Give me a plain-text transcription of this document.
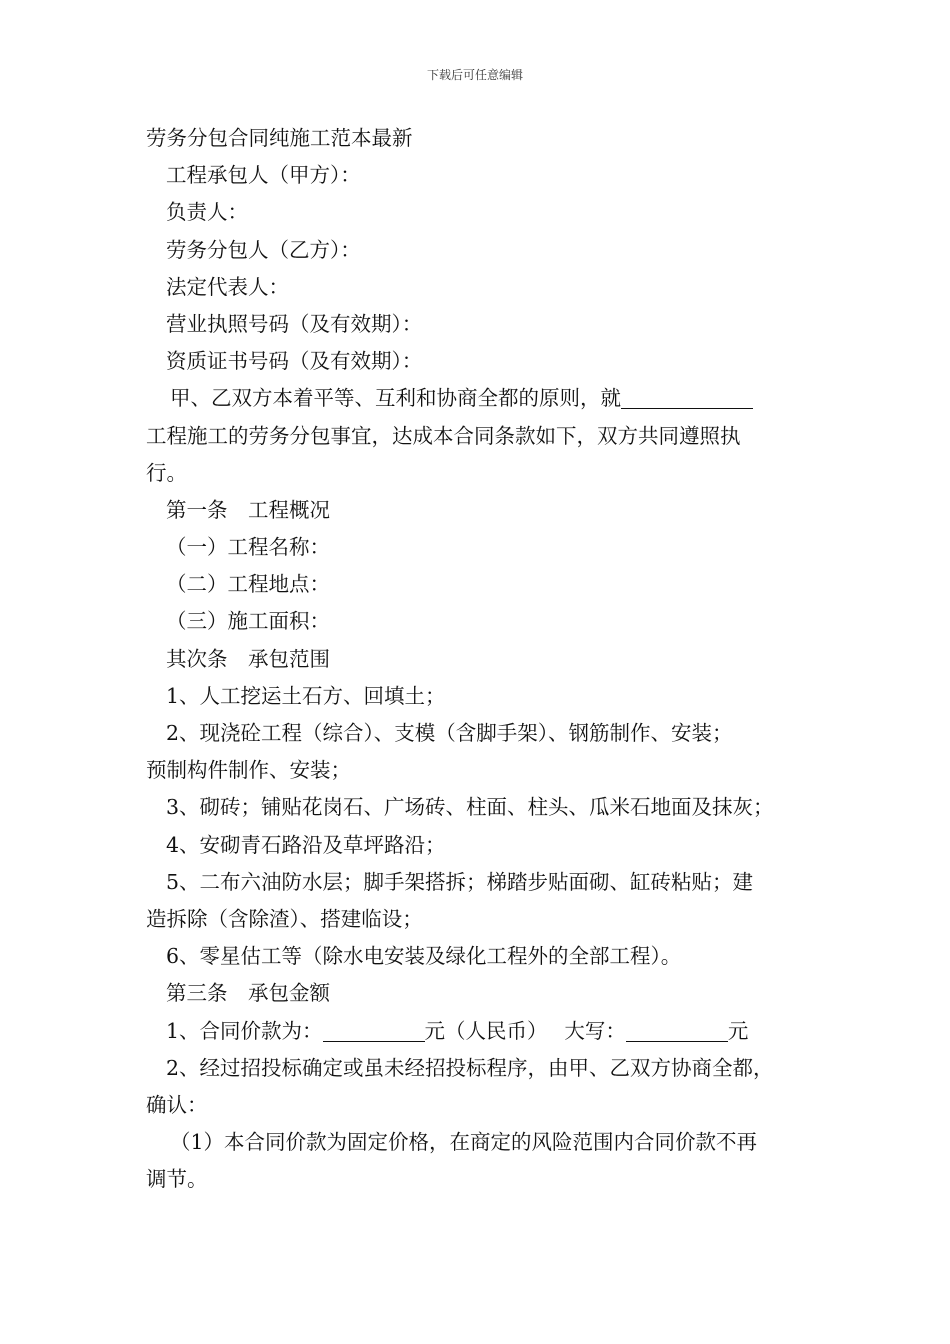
下载后可任意编辑
劳务分包合同纯施工范本最新
工程承包人（甲方）：
负责人：
劳务分包人（乙方）：
法定代表人：
营业执照号码（及有效期）：
资质证书号码（及有效期）：
甲、乙双方本着平等、互利和协商全都的原则，就
工程施工的劳务分包事宜，达成本合同条款如下，双方共同遵照执
行。
第一条　工程概况
（一）工程名称：
（二）工程地点：
（三）施工面积：
其次条　承包范围
1、人工挖运土石方、回填土；
2、现浇砼工程（综合）、支模（含脚手架）、钢筋制作、安装；
预制构件制作、安装；
3、砌砖；铺贴花岗石、广场砖、柱面、柱头、瓜米石地面及抹灰；
4、安砌青石路沿及草坪路沿；
5、二布六油防水层；脚手架搭拆；梯踏步贴面砌、缸砖粘贴；建
造拆除（含除渣）、搭建临设；
6、零星估工等（除水电安装及绿化工程外的全部工程）。
第三条　承包金额
1、合同价款为：	元（人民币）　 大写：	元
2、经过招投标确定或虽未经招投标程序，由甲、乙双方协商全都，
确认：
（1）本合同价款为固定价格，在商定的风险范围内合同价款不再
调节。
